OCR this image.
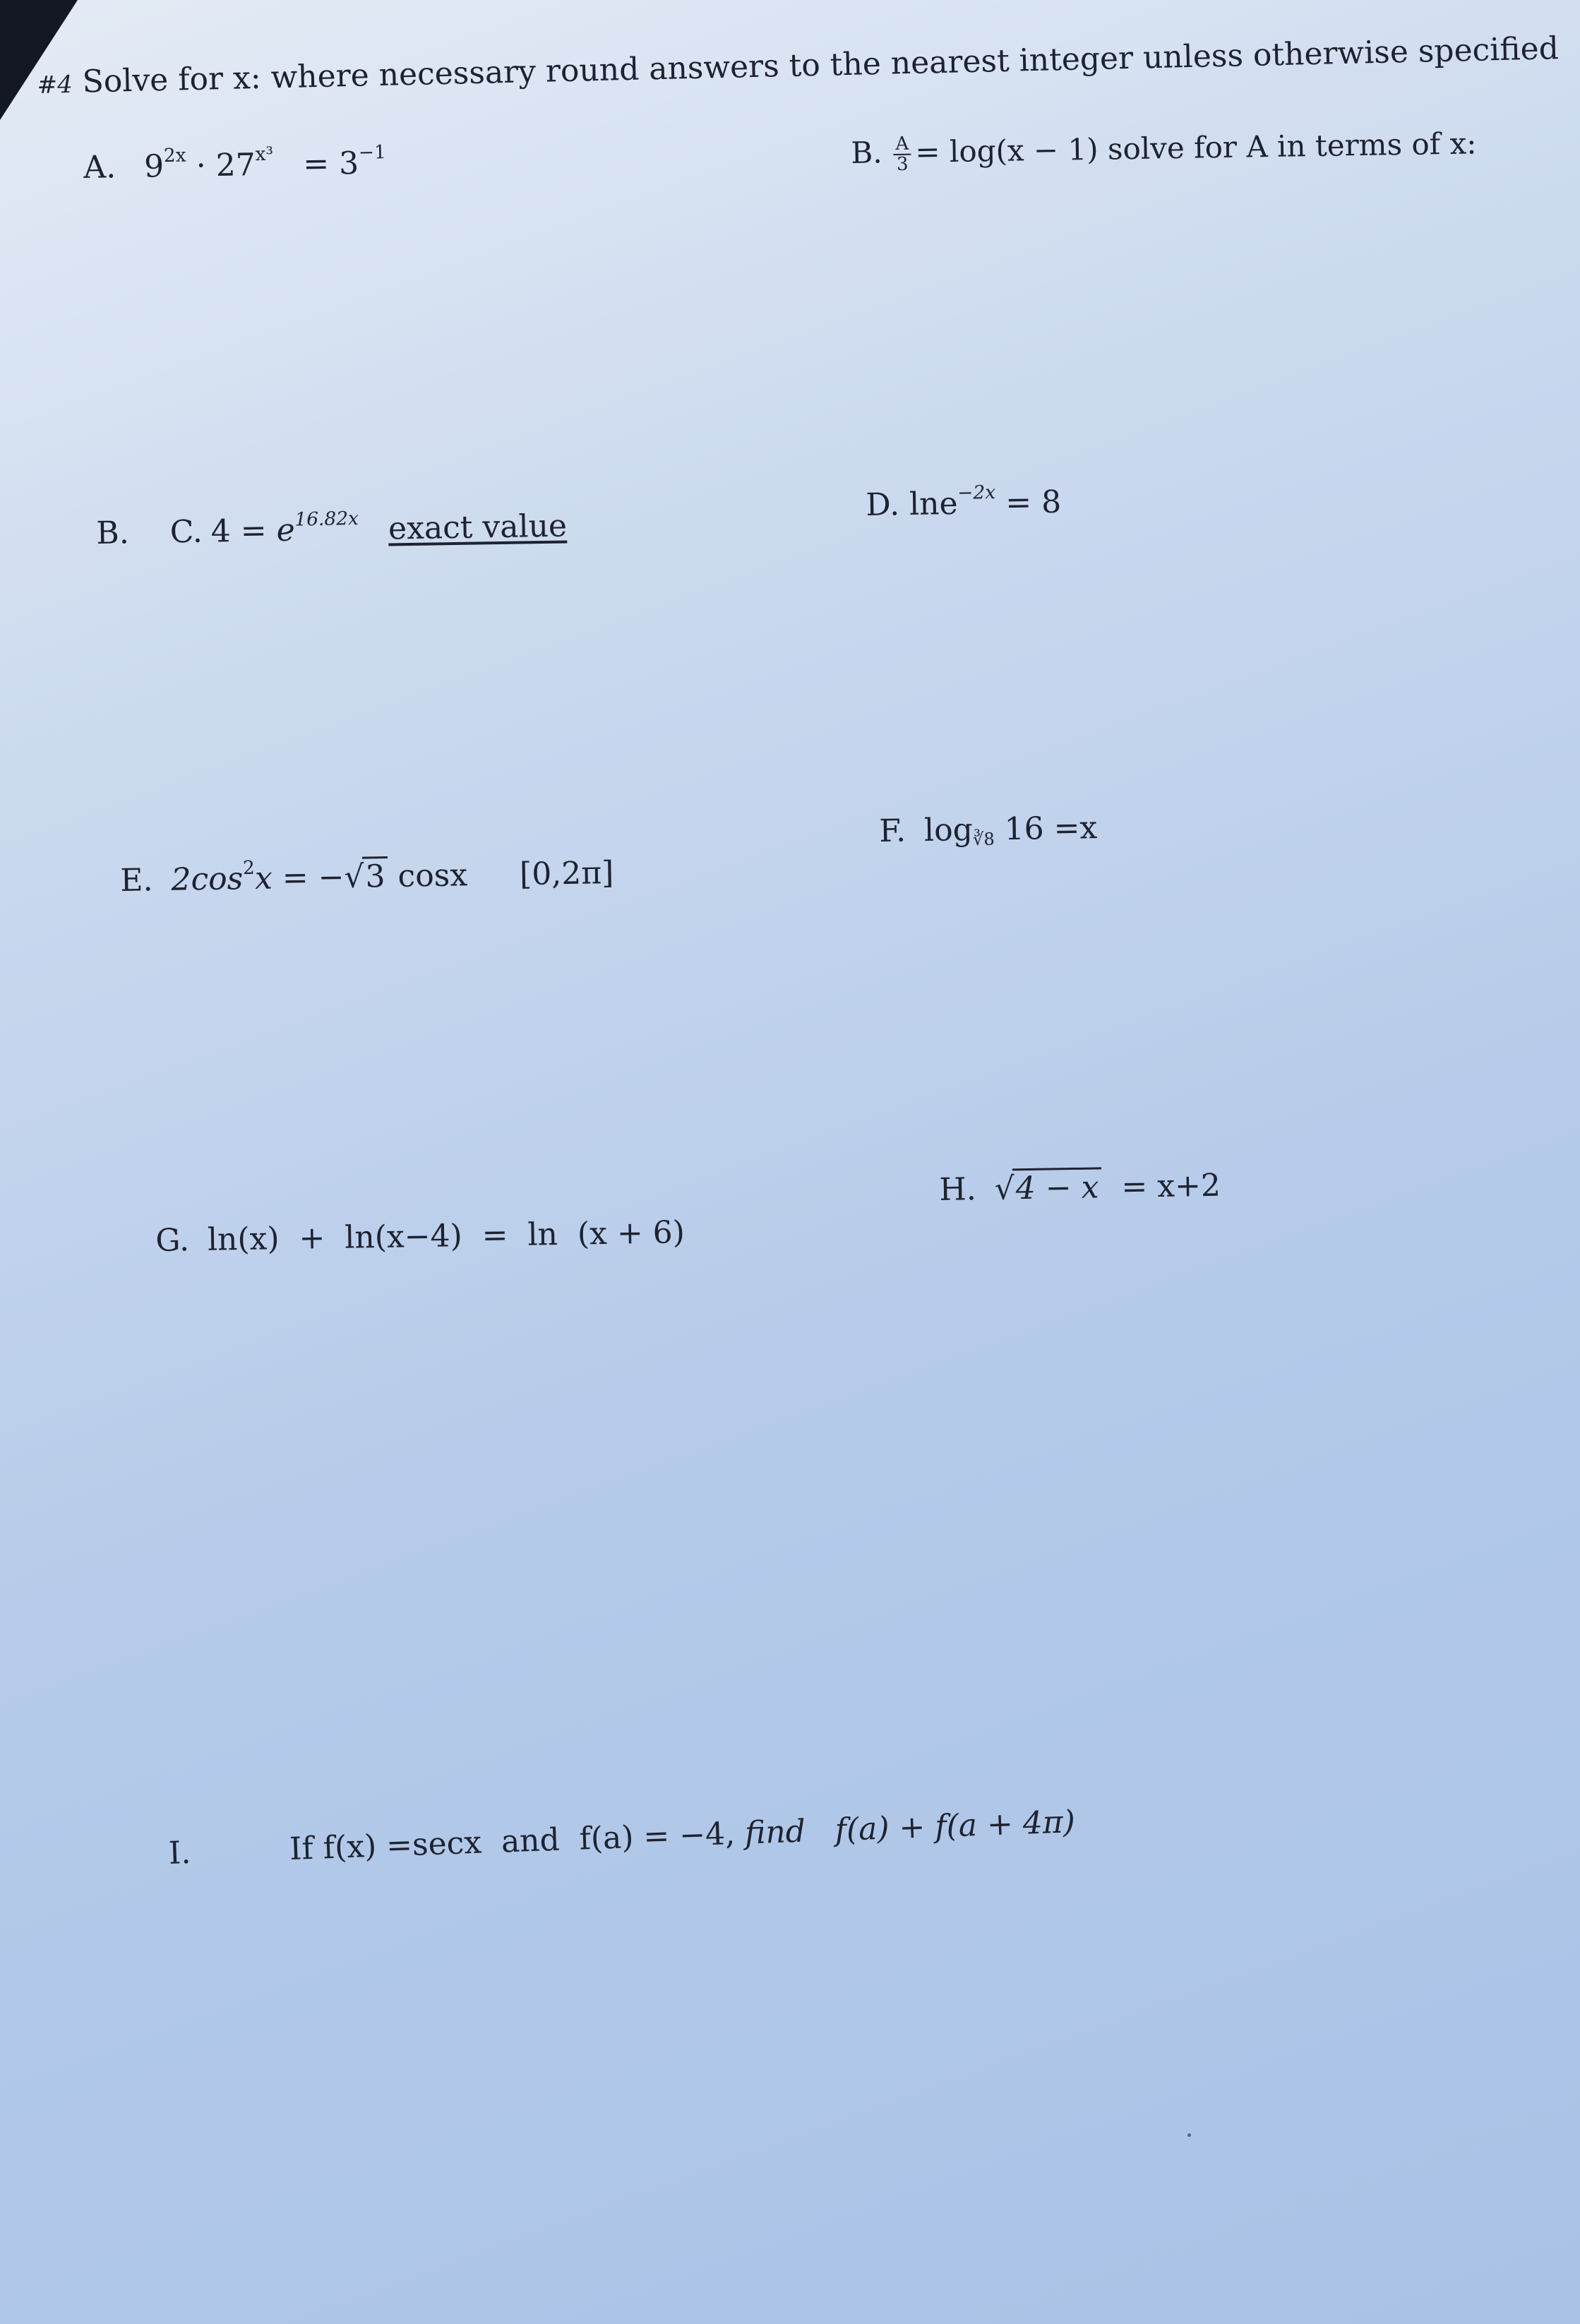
#4 Solve for x: where necessary round answers to the nearest integer unless otherwise specified
A. $9^{2x} \cdot 27^{x^3} = 3^{-1}$	B. $\frac{A}{3} = \log(x - 1)$ solve for A in terms of x:
B. C. $4 = e^{16.82x}$ exact value
D. lne$^{-2x}$ = 8
E. $2\cos^2x = -√3$ cosx [0,2π]
F. $\log_{∛8} 16 =x$
G. ln(x)  +  ln(x−4)  =  ln  (x + 6)
H. √4 − x = x+2
I.	If f(x) =secx  and  f(a) = −4, find f(a) + f(a + 4π)
